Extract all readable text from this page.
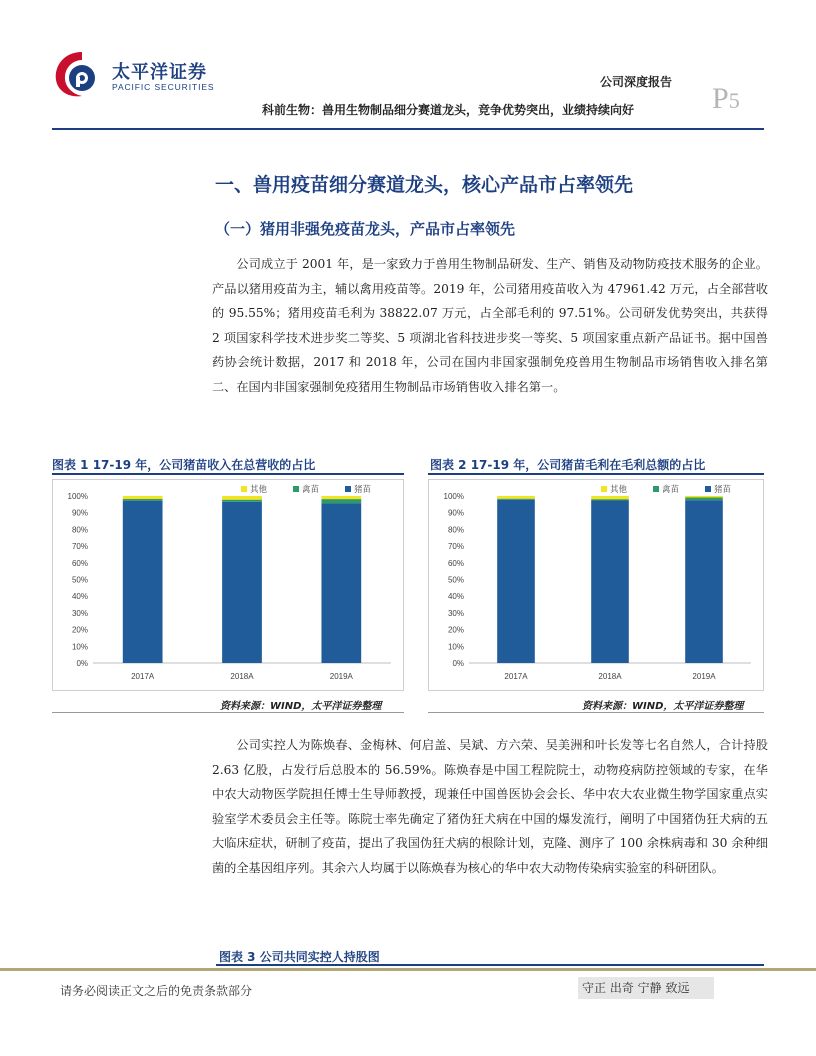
太平洋证券
PACIFIC SECURITIES	公司深度报告 P5
科前生物：兽用生物制品细分赛道龙头，竞争优势突出，业绩持续向好
一、兽用疫苗细分赛道龙头，核心产品市占率领先
（一）猪用非强免疫苗龙头，产品市占率领先

公司成立于 2001 年，是一家致力于兽用生物制品研发、生产、销售及动物防疫技术服务的企业。产品以猪用疫苗为主，辅以禽用疫苗等。2019 年，公司猪用疫苗收入为 47961.42 万元，占全部营收的 95.55%；猪用疫苗毛利为 38822.07 万元，占全部毛利的 97.51%。公司研发优势突出，共获得 2 项国家科学技术进步奖二等奖、5 项湖北省科技进步奖一等奖、5 项国家重点新产品证书。据中国兽药协会统计数据，2017 和 2018 年，公司在国内非国家强制免疫兽用生物制品市场销售收入排名第二、在国内非国家强制免疫猪用生物制品市场销售收入排名第一。

图表 1 17-19 年，公司猪苗收入在总营收的占比
0%
10%
20%
30%
40%
50%
60%
70%
80%
90%
100%
其他	禽苗	猪苗
2017A	2018A	2019A
图表 2 17-19 年，公司猪苗毛利在毛利总额的占比
0%
10%
20%
30%
40%
50%
60%
70%
80%
90%
100%
其他	禽苗	猪苗
2017A	2018A	2019A
资料来源：WIND，太平洋证券整理	资料来源：WIND，太平洋证券整理

公司实控人为陈焕春、金梅林、何启盖、吴斌、方六荣、吴美洲和叶长发等七名自然人，合计持股 2.63 亿股，占发行后总股本的 56.59%。陈焕春是中国工程院院士，动物疫病防控领域的专家，在华中农大动物医学院担任博士生导师教授，现兼任中国兽医协会会长、华中农大农业微生物学国家重点实验室学术委员会主任等。陈院士率先确定了猪伪狂犬病在中国的爆发流行，阐明了中国猪伪狂犬病的五大临床症状，研制了疫苗，提出了我国伪狂犬病的根除计划，克隆、测序了 100 余株病毒和 30 余种细菌的全基因组序列。其余六人均属于以陈焕春为核心的华中农大动物传染病实验室的科研团队。

图表 3 公司共同实控人持股图
请务必阅读正文之后的免责条款部分	守正 出奇 宁静 致远
